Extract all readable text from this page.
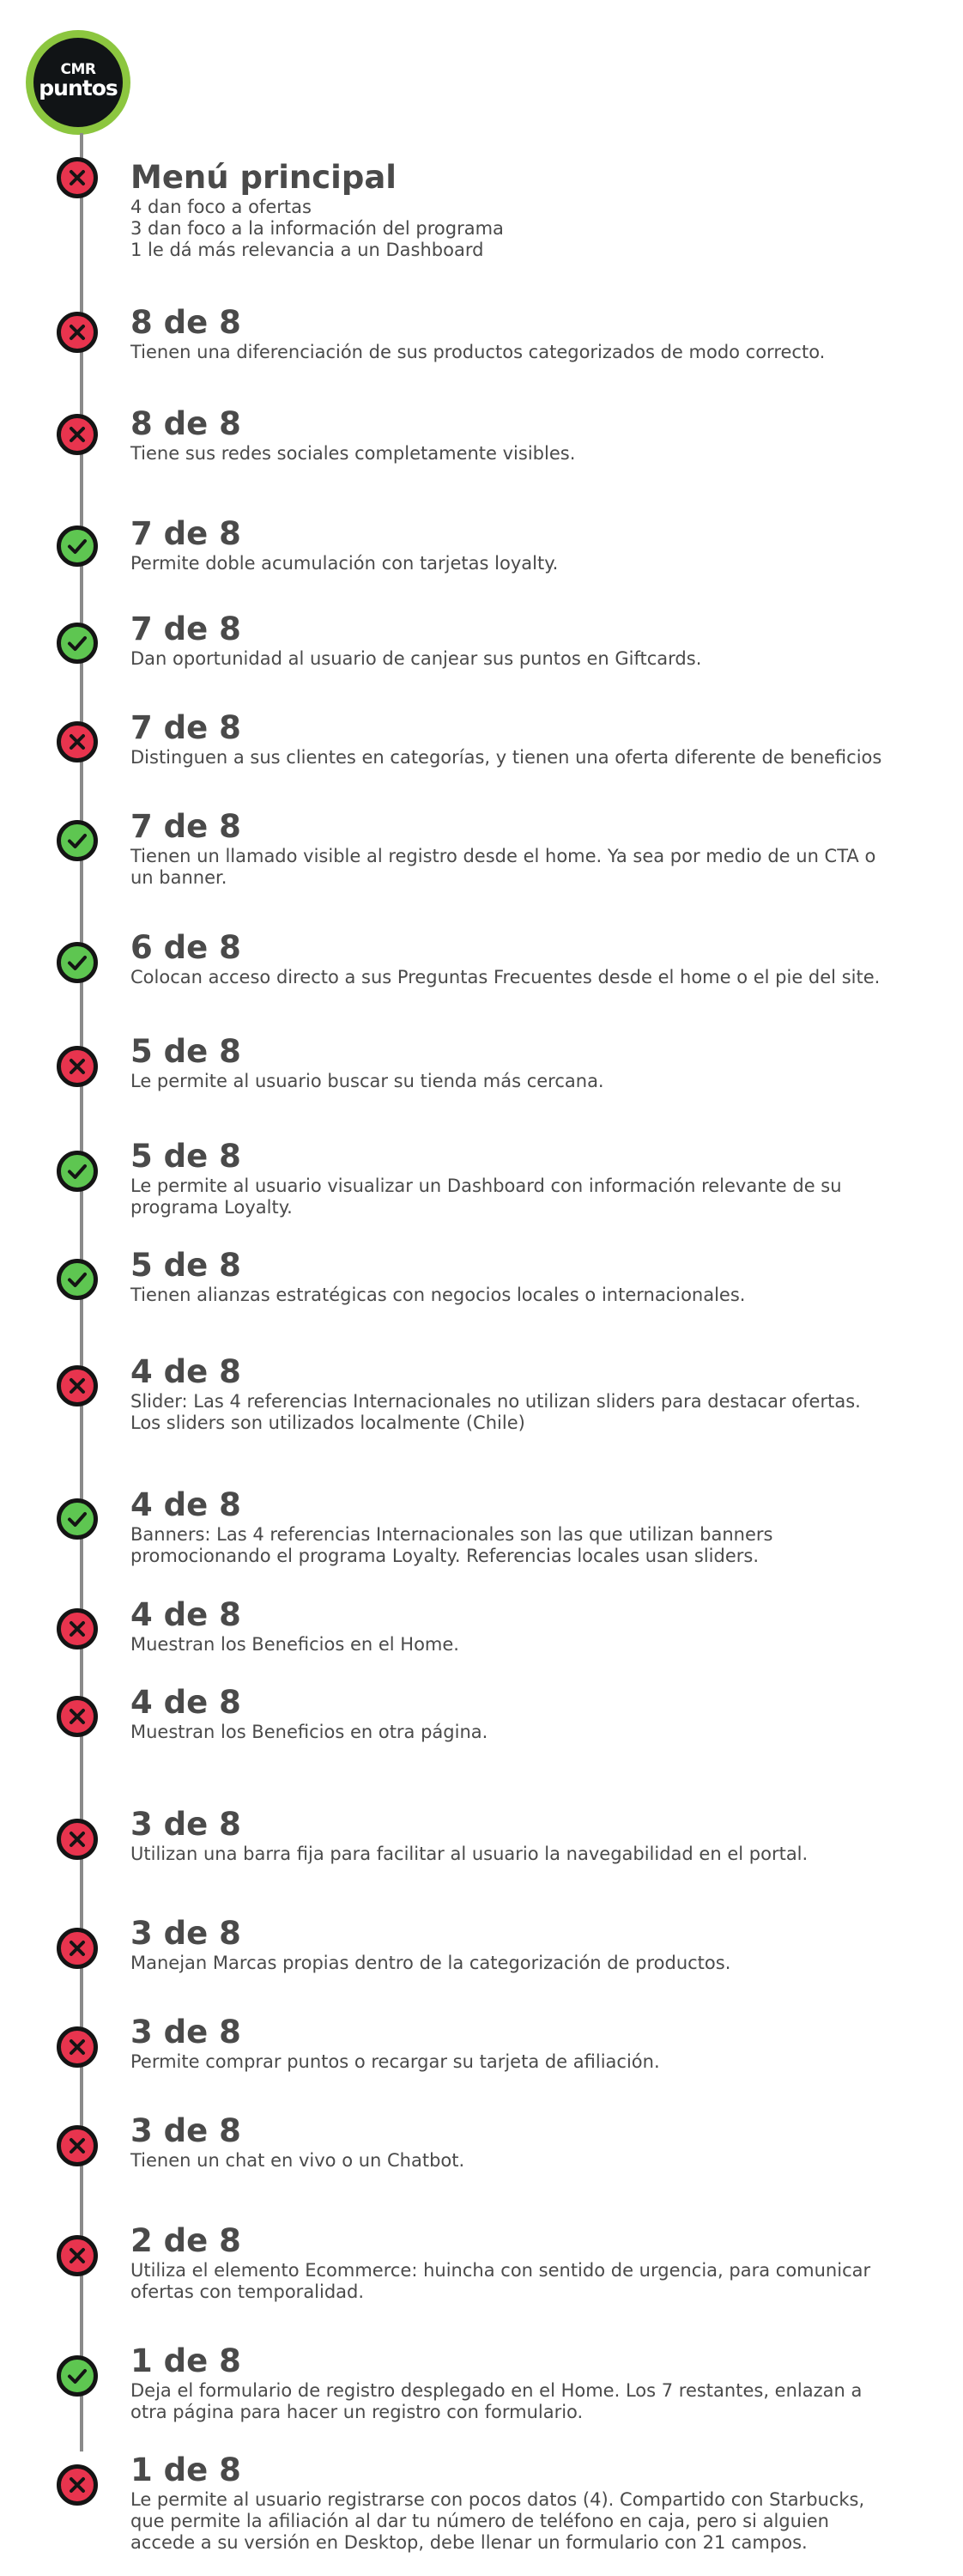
CMR
puntos
Menú principal
4 dan foco a ofertas
3 dan foco a la información del programa
1 le dá más relevancia a un Dashboard
8 de 8
Tienen una diferenciación de sus productos categorizados de modo correcto.
8 de 8
Tiene sus redes sociales completamente visibles.
7 de 8
Permite doble acumulación con tarjetas loyalty.
7 de 8
Dan oportunidad al usuario de canjear sus puntos en Giftcards.
7 de 8
Distinguen a sus clientes en categorías, y tienen una oferta diferente de beneficios
7 de 8
Tienen un llamado visible al registro desde el home. Ya sea por medio de un CTA o
un banner.
6 de 8
Colocan acceso directo a sus Preguntas Frecuentes desde el home o el pie del site.
5 de 8
Le permite al usuario buscar su tienda más cercana.
5 de 8
Le permite al usuario visualizar un Dashboard con información relevante de su
programa Loyalty.
5 de 8
Tienen alianzas estratégicas con negocios locales o internacionales.
4 de 8
Slider: Las 4 referencias Internacionales no utilizan sliders para destacar ofertas.
Los sliders son utilizados localmente (Chile)
4 de 8
Banners: Las 4 referencias Internacionales son las que utilizan banners
promocionando el programa Loyalty. Referencias locales usan sliders.
4 de 8
Muestran los Beneficios en el Home.
4 de 8
Muestran los Beneficios en otra página.
3 de 8
Utilizan una barra fija para facilitar al usuario la navegabilidad en el portal.
3 de 8
Manejan Marcas propias dentro de la categorización de productos.
3 de 8
Permite comprar puntos o recargar su tarjeta de afiliación.
3 de 8
Tienen un chat en vivo o un Chatbot.
2 de 8
Utiliza el elemento Ecommerce: huincha con sentido de urgencia, para comunicar
ofertas con temporalidad.
1 de 8
Deja el formulario de registro desplegado en el Home. Los 7 restantes, enlazan a
otra página para hacer un registro con formulario.
1 de 8
Le permite al usuario registrarse con pocos datos (4). Compartido con Starbucks,
que permite la afiliación al dar tu número de teléfono en caja, pero si alguien
accede a su versión en Desktop, debe llenar un formulario con 21 campos.
